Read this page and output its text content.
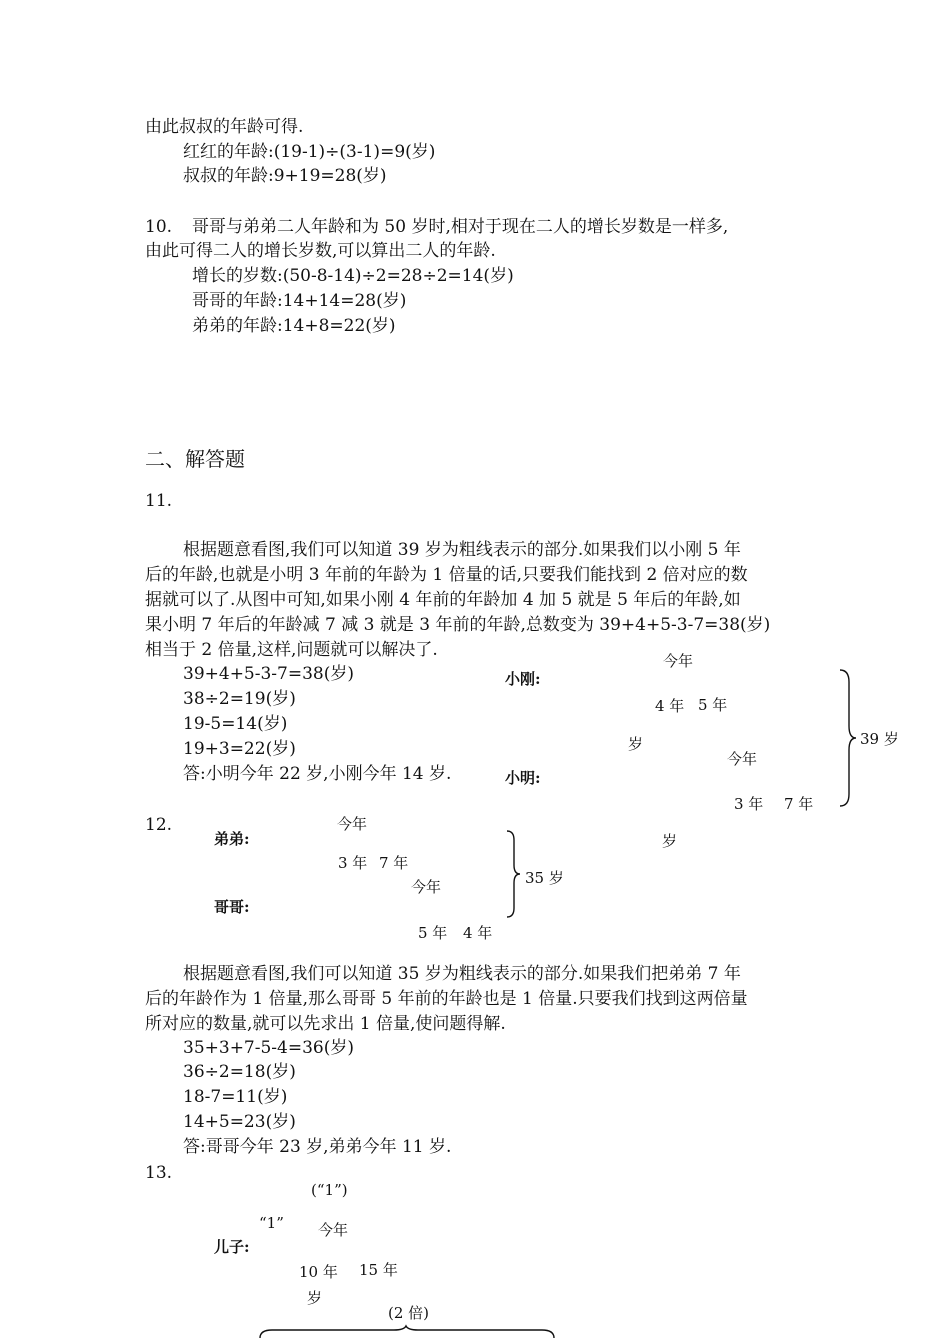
由此叔叔的年龄可得.
红红的年龄:(19-1)÷(3-1)=9(岁)
叔叔的年龄:9+19=28(岁)
10. 哥哥与弟弟二人年龄和为 50 岁时,相对于现在二人的增长岁数是一样多,
由此可得二人的增长岁数,可以算出二人的年龄.
增长的岁数:(50-8-14)÷2=28÷2=14(岁)
哥哥的年龄:14+14=28(岁)
弟弟的年龄:14+8=22(岁)
二、解答题
11.
根据题意看图,我们可以知道 39 岁为粗线表示的部分.如果我们以小刚 5 年
后的年龄,也就是小明 3 年前的年龄为 1 倍量的话,只要我们能找到 2 倍对应的数
据就可以了.从图中可知,如果小刚 4 年前的年龄加 4 加 5 就是 5 年后的年龄,如
果小明 7 年后的年龄减 7 减 3 就是 3 年前的年龄,总数变为 39+4+5-3-7=38(岁)
相当于 2 倍量,这样,问题就可以解决了.
39+4+5-3-7=38(岁)
38÷2=19(岁)
19-5=14(岁)
19+3=22(岁)
答:小明今年 22 岁,小刚今年 14 岁.
今年
小刚:
4 年 5 年
岁
今年
小明:
3 年 7 年
岁
39 岁
12.	今年
弟弟:
3 年 7 年
今年
哥哥:
5 年 4 年
35 岁
根据题意看图,我们可以知道 35 岁为粗线表示的部分.如果我们把弟弟 7 年
后的年龄作为 1 倍量,那么哥哥 5 年前的年龄也是 1 倍量.只要我们找到这两倍量
所对应的数量,就可以先求出 1 倍量,使问题得解.
35+3+7-5-4=36(岁)
36÷2=18(岁)
18-7=11(岁)
14+5=23(岁)
答:哥哥今年 23 岁,弟弟今年 11 岁.
13.
(“1”)
“1” 今年
儿子:
10 年 15 年
岁
(2 倍)
